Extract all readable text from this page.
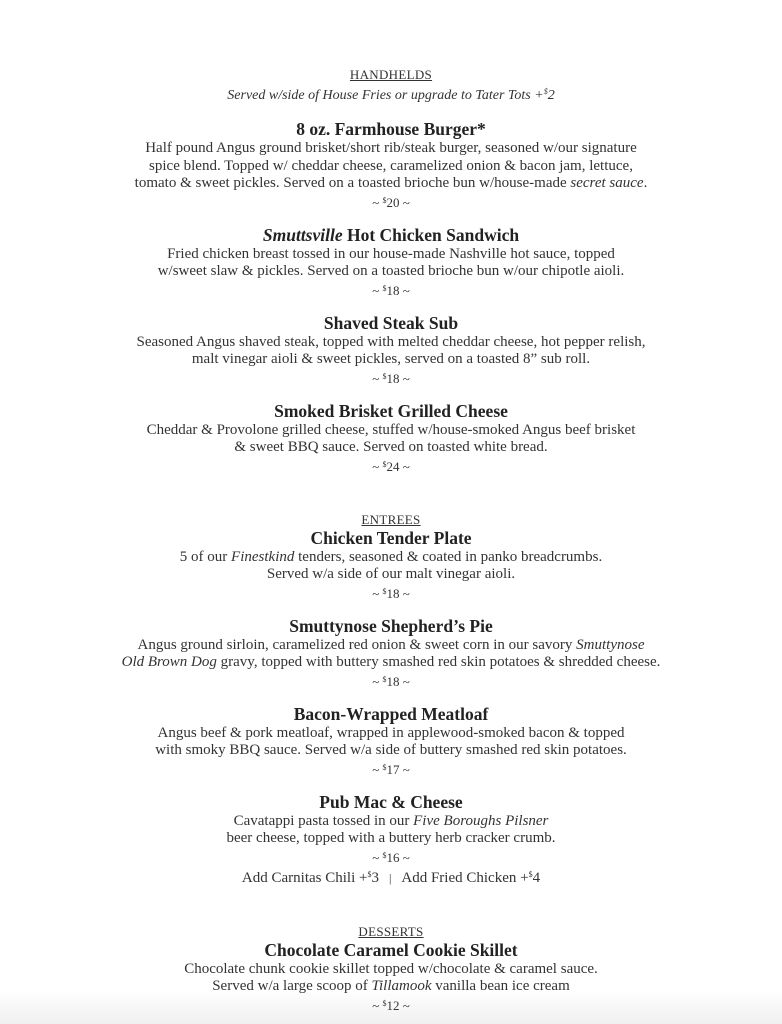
HANDHELDS

Served w/side of House Fries or upgrade to Tater Tots +$2

8 oz. Farmhouse Burger*

Half pound Angus ground brisket/short rib/steak burger, seasoned w/our signature
spice blend. Topped w/ cheddar cheese, caramelized onion & bacon jam, lettuce,
tomato & sweet pickles. Served on a toasted brioche bun w/house-made secret sauce.

~ $20 ~

Smuttsville Hot Chicken Sandwich

Fried chicken breast tossed in our house-made Nashville hot sauce, topped
w/sweet slaw & pickles. Served on a toasted brioche bun w/our chipotle aioli.

~ $18 ~

Shaved Steak Sub

Seasoned Angus shaved steak, topped with melted cheddar cheese, hot pepper relish,
malt vinegar aioli & sweet pickles, served on a toasted 8” sub roll.

~ $18 ~

Smoked Brisket Grilled Cheese

Cheddar & Provolone grilled cheese, stuffed w/house-smoked Angus beef brisket
& sweet BBQ sauce. Served on toasted white bread.

~ $24 ~

ENTREES

Chicken Tender Plate

5 of our Finestkind tenders, seasoned & coated in panko breadcrumbs.
Served w/a side of our malt vinegar aioli.

~ $18 ~

Smuttynose Shepherd’s Pie

Angus ground sirloin, caramelized red onion & sweet corn in our savory Smuttynose
Old Brown Dog gravy, topped with buttery smashed red skin potatoes & shredded cheese.

~ $18 ~

Bacon-Wrapped Meatloaf

Angus beef & pork meatloaf, wrapped in applewood-smoked bacon & topped
with smoky BBQ sauce. Served w/a side of buttery smashed red skin potatoes.

~ $17 ~

Pub Mac & Cheese

Cavatappi pasta tossed in our Five Boroughs Pilsner
beer cheese, topped with a buttery herb cracker crumb.

~ $16 ~

Add Carnitas Chili +$3 | Add Fried Chicken +$4

DESSERTS

Chocolate Caramel Cookie Skillet

Chocolate chunk cookie skillet topped w/chocolate & caramel sauce.
Served w/a large scoop of Tillamook vanilla bean ice cream

~ $12 ~
